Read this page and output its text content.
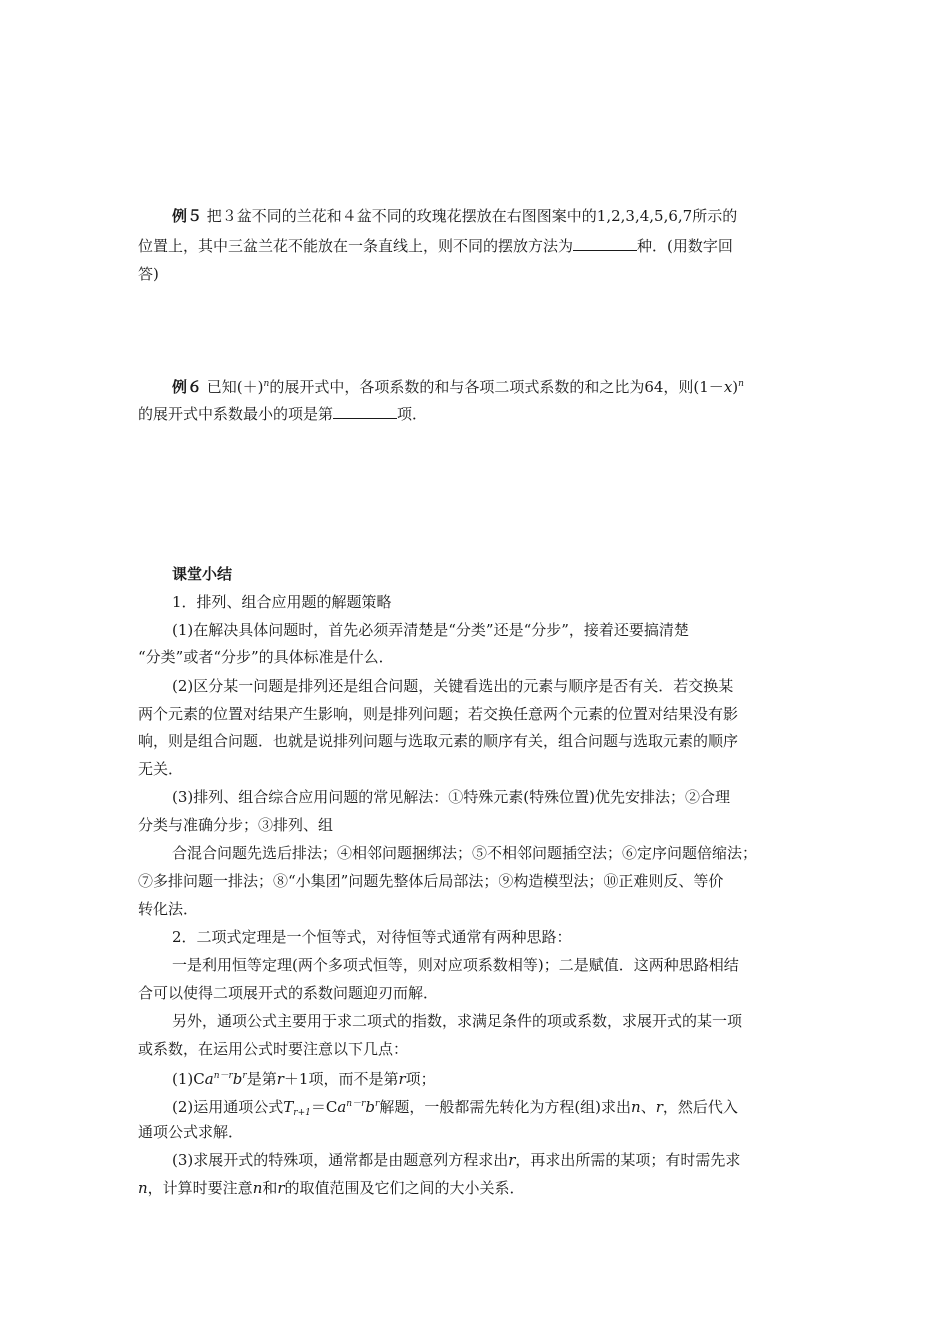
例５ 把３盆不同的兰花和４盆不同的玫瑰花摆放在右图图案中的1,2,3,4,5,6,7所示的
位置上，其中三盆兰花不能放在一条直线上，则不同的摆放方法为	种．(用数字回
答)
例６ 已知$(+)^n$的展开式中，各项系数的和与各项二项式系数的和之比为64，则$(1-x)^n$
的展开式中系数最小的项是第	项．
课堂小结
1．排列、组合应用题的解题策略
(1)在解决具体问题时，首先必须弄清楚是“分类”还是“分步”，接着还要搞清楚
“分类”或者“分步”的具体标准是什么．
(2)区分某一问题是排列还是组合问题，关键看选出的元素与顺序是否有关．若交换某
两个元素的位置对结果产生影响，则是排列问题；若交换任意两个元素的位置对结果没有影
响，则是组合问题．也就是说排列问题与选取元素的顺序有关，组合问题与选取元素的顺序
无关．
(3)排列、组合综合应用问题的常见解法：①特殊元素(特殊位置)优先安排法；②合理
分类与准确分步；③排列、组
合混合问题先选后排法；④相邻问题捆绑法；⑤不相邻问题插空法；⑥定序问题倍缩法；
⑦多排问题一排法；⑧“小集团”问题先整体后局部法；⑨构造模型法；⑩正难则反、等价
转化法．
2．二项式定理是一个恒等式，对待恒等式通常有两种思路：
一是利用恒等定理(两个多项式恒等，则对应项系数相等)；二是赋值．这两种思路相结
合可以使得二项展开式的系数问题迎刃而解．
另外，通项公式主要用于求二项式的指数，求满足条件的项或系数，求展开式的某一项
或系数，在运用公式时要注意以下几点：
$(1)Ca^{n-r}b^r$是第r＋1项，而不是第r项；
(2)运用通项公式$T_{r+1}=Ca^{n-r}b^r$解题，一般都需先转化为方程(组)求出n、r，然后代入
通项公式求解．
(3)求展开式的特殊项，通常都是由题意列方程求出r，再求出所需的某项；有时需先求
n，计算时要注意n和r的取值范围及它们之间的大小关系．
